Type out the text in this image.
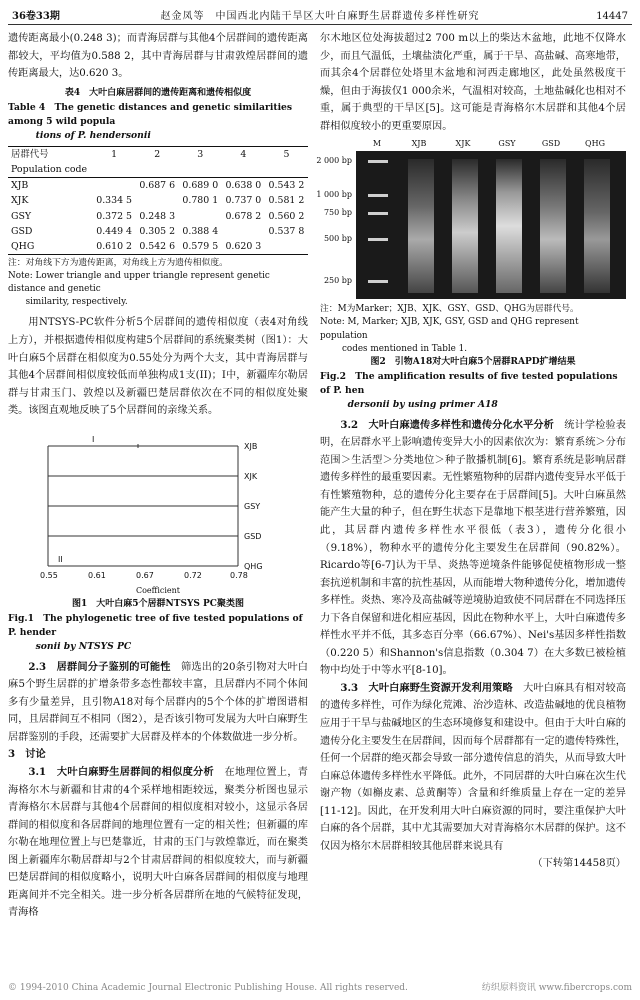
36卷33期	赵金凤等　中国西北内陆干旱区大叶白麻野生居群遗传多样性研究	14447

遗传距离最小(0.248 3)；而青海居群与其他4个居群间的遗传距离都较大，平均值为0.588 2，其中青海居群与甘肃敦煌居群间的遗传距离最大，达0.620 3。

表4　大叶白麻居群间的遗传距离和遗传相似度
Table 4　The genetic distances and genetic similarities among 5 wild popula
tions of P. hendersonii
居群代号	1	2	3	4	5
Population code					
XJB		0.687 6	0.689 0	0.638 0	0.543 2
XJK	0.334 5		0.780 1	0.737 0	0.581 2
GSY	0.372 5	0.248 3		0.678 2	0.560 2
GSD	0.449 4	0.305 2	0.388 4		0.537 8
QHG	0.610 2	0.542 6	0.579 5	0.620 3	
注：对角线下方为遗传距离，对角线上方为遗传相似度。
Note: Lower triangle and upper triangle represent genetic distance and genetic
similarity, respectively.

用NTSYS-PC软件分析5个居群间的遗传相似度（表4对角线上方），并根据遗传相似度构建5个居群间的系统聚类树（图1）：大叶白麻5个居群在相似度为0.55处分为两个大支，其中青海居群与其他4个居群间相似度较低而单独构成1支(II)；I中，新疆库尔勒居群与甘肃玉门、敦煌以及新疆巴楚居群依次在不同的相似度处聚类。该图直观地反映了5个居群间的亲缘关系。

XJB
XJK
GSY
GSD
QHG
I
II
0.55	0.61	0.67	0.72	0.78
Coefficient
图1　大叶白麻5个居群NTSYS PC聚类图
Fig.1　The phylogenetic tree of five tested populations of P. hender
sonii by NTSYS PC

2.3　居群间分子鉴别的可能性　 筛选出的20条引物对大叶白麻5个野生居群的扩增条带多态性都较丰富，且居群内不同个体间多有少量差异，且引物A18对每个居群内的5个个体的扩增图谱相同，且居群间互不相同（图2），是否该引物可发展为大叶白麻野生居群鉴别的手段，还需要扩大居群及样本的个体数做进一步分析。

3　讨论

3.1　大叶白麻野生居群间的相似度分析　 在地理位置上，青海格尔木与新疆和甘肃的4个采样地相距较远，聚类分析图也显示青海格尔木居群与其他4个居群间的相似度相对较小，这显示各居群间的相似度和各居群间的地理位置有一定的相关性；但新疆的库尔勒在地理位置上与巴楚靠近，甘肃的玉门与敦煌靠近，而在聚类图上新疆库尔勒居群却与2个甘肃居群间的相似度较大，而与新疆巴楚居群间的相似度略小，说明大叶白麻各居群间的相似度与地理距离间并不完全相关。进一步分析各居群所在地的气候特征发现，青海格

尔木地区位处海拔超过2 700 m以上的柴达木盆地，此地不仅降水少，而且气温低，土壤盐渍化严重，属于干旱、高盐碱、高寒地带，而其余4个居群位处塔里木盆地和河西走廊地区，此处虽然极度干燥，但由于海拔仅1 000余米，气温相对较高，土地盐碱化也相对不重，属于典型的干旱区[5]。这可能是青海格尔木居群和其他4个居群相似度较小的更重要原因。

M	XJB	XJK	GSY	GSD	QHG
2 000 bp
1 000 bp
750 bp
500 bp
250 bp
注：M为Marker；XJB、XJK、GSY、GSD、QHG为居群代号。
Note: M, Marker; XJB, XJK, GSY, GSD and QHG represent population
codes mentioned in Table 1.
图2　引物A18对大叶白麻5个居群RAPD扩增结果
Fig.2　The amplification results of five tested populations of P. hen
dersonii by using primer A18

3.2　大叶白麻遗传多样性和遗传分化水平分析　 统计学检验表明，在居群水平上影响遗传变异大小的因素依次为：繁育系统＞分布范围＞生活型＞分类地位＞种子散播机制[6]。繁育系统是影响居群遗传多样性的最重要因素。无性繁殖物种的居群内遗传变异水平低于有性繁殖物种，总的遗传分化主要存在于居群间[5]。大叶白麻虽然能产生大量的种子，但在野生状态下是靠地下根茎进行营养繁殖，因此，其居群内遗传多样性水平很低（表3），遗传分化很小（9.18%），物种水平的遗传分化主要发生在居群间（90.82%）。Ricardo等[6-7]认为干旱、炎热等逆境条件能够促使植物形成一整套抗逆机制和丰富的抗性基因，从而能增大物种遗传分化，增加遗传多样性。炎热、寒冷及高盐碱等逆境胁迫致使不同居群在不同选择压力下各自保留和进化相应基因，因此在物种水平上，大叶白麻遗传多样性水平并不低，其多态百分率（66.67%）、Nei's基因多样性指数（0.220 5）和Shannon's信息指数（0.304 7）在大多数已被检植物中均处于中等水平[8-10]。

3.3　大叶白麻野生资源开发利用策略　 大叶白麻具有相对较高的遗传多样性，可作为绿化荒滩、治沙造林、改造盐碱地的优良植物应用于干旱与盐碱地区的生态环境修复和建设中。但由于大叶白麻的遗传分化主要发生在居群间，因而每个居群都有一定的遗传特殊性，任何一个居群的绝灭都会导致一部分遗传信息的消失，从而导致大叶白麻总体遗传多样性水平降低。此外，不同居群的大叶白麻在次生代谢产物（如槲皮素、总黄酮等）含量和纤维质量上存在一定的差异[11-12]。因此，在开发利用大叶白麻资源的同时，要注重保护大叶白麻的各个居群，其中尤其需要加大对青海格尔木居群的保护。这不仅因为格尔木居群相较其他居群来说具有

（下转第14458页）

© 1994-2010 China Academic Journal Electronic Publishing House. All rights reserved.	纺织原料资讯 www.fibercrops.com
